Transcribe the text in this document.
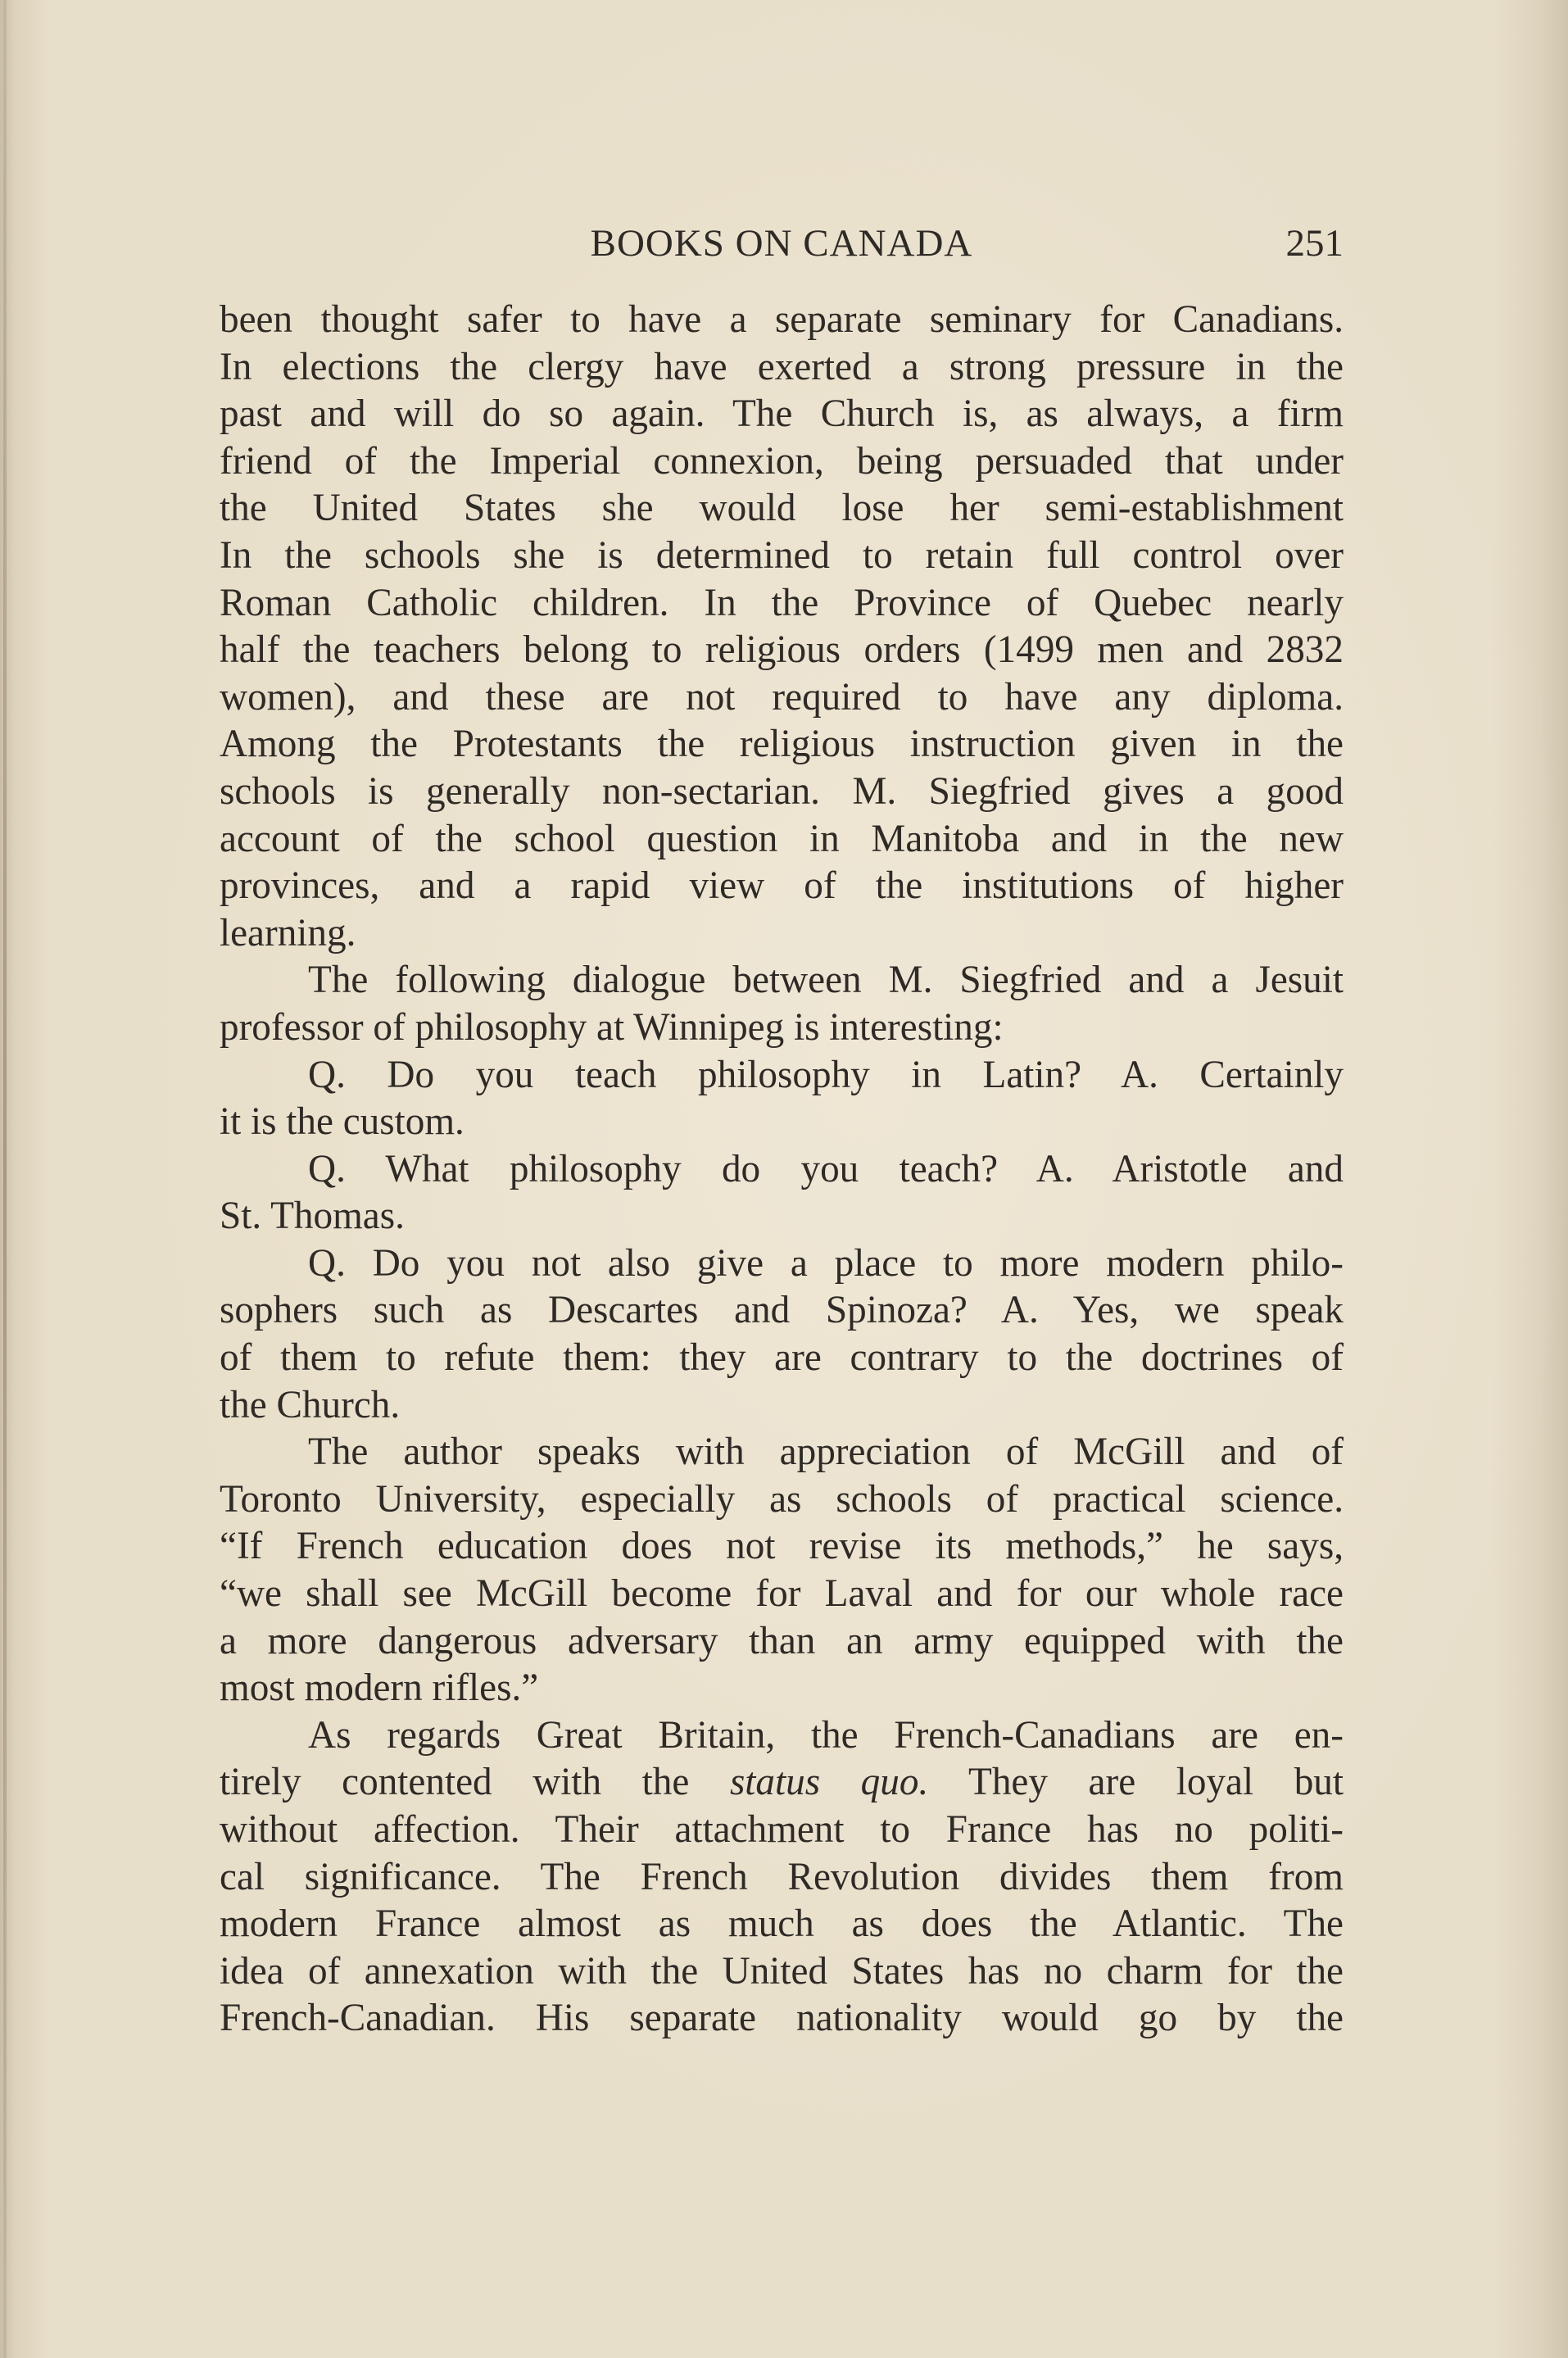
BOOKS ON CANADA	251
been thought safer to have a separate seminary for Canadians.
In elections the clergy have exerted a strong pressure in the
past and will do so again. The Church is, as always, a firm
friend of the Imperial connexion, being persuaded that under
the United States she would lose her semi-establishment
In the schools she is determined to retain full control over
Roman Catholic children. In the Province of Quebec nearly
half the teachers belong to religious orders (1499 men and 2832
women), and these are not required to have any diploma.
Among the Protestants the religious instruction given in the
schools is generally non-sectarian. M. Siegfried gives a good
account of the school question in Manitoba and in the new
provinces, and a rapid view of the institutions of higher
learning.
The following dialogue between M. Siegfried and a Jesuit
professor of philosophy at Winnipeg is interesting:
Q. Do you teach philosophy in Latin? A. Certainly
it is the custom.
Q. What philosophy do you teach? A. Aristotle and
St. Thomas.
Q. Do you not also give a place to more modern philo-
sophers such as Descartes and Spinoza? A. Yes, we speak
of them to refute them: they are contrary to the doctrines of
the Church.
The author speaks with appreciation of McGill and of
Toronto University, especially as schools of practical science.
“If French education does not revise its methods,” he says,
“we shall see McGill become for Laval and for our whole race
a more dangerous adversary than an army equipped with the
most modern rifles.”
As regards Great Britain, the French-Canadians are en-
tirely contented with the status quo. They are loyal but
without affection. Their attachment to France has no politi-
cal significance. The French Revolution divides them from
modern France almost as much as does the Atlantic. The
idea of annexation with the United States has no charm for the
French-Canadian. His separate nationality would go by the
